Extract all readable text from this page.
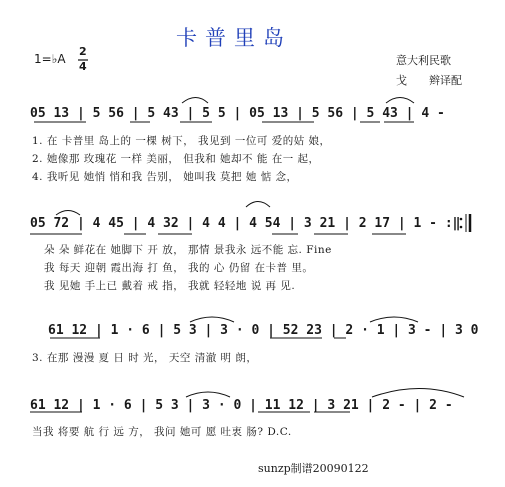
卡普里岛
1=♭A
2
4	意大利民歌
戈　　辫译配
05 13 | 5 56 | 5 43 | 5 5 | 05 13 | 5 56 | 5 43 | 4 -
1. 在 卡普里 岛上的 一棵 树下， 我见到 一位可 爱的姑 娘，
2. 她像那 玫瑰花 一样 美丽， 但我和 她却不 能 在一 起，
4. 我听见 她悄 悄和我 告别， 她叫我 莫把 她 惦 念，
05 72 | 4 45 | 4 32 | 4 4 | 4 54 | 3 21 | 2 17 | 1 - :‖
朵 朵 鲜花在 她脚下 开 放， 那情 景我永 远不能 忘. Fine
我 每天 迎朝 霞出海 打 鱼， 我的 心 仍留 在卡普 里。
我 见她 手上已 戴着 戒 指， 我就 轻轻地 说 再 见.
61 12 | 1 · 6 | 5 3 | 3 · 0 | 52 23 | 2 · 1 | 3 - | 3 0
3. 在那 漫漫 夏 日 时 光， 天空 清澈 明 朗，
61 12 | 1 · 6 | 5 3 | 3 · 0 | 11 12 | 3 21 | 2 - | 2 -
当我 将要 航 行 远 方， 我问 她可 愿 吐衷 肠? D.C.
sunzp制谱20090122
